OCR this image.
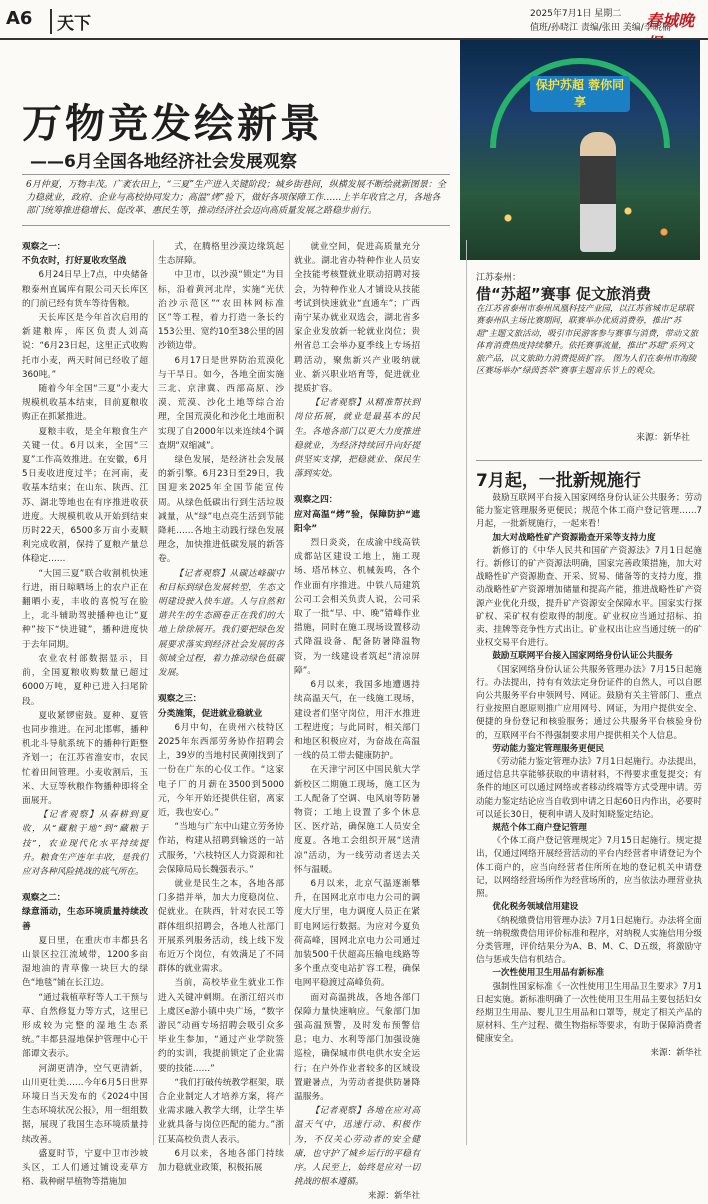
A6	天下	2025年7月1日 星期二
值班/孙晓江 责编/张田 美编/李晓楠
春城晚
万物竞发绘新景
——6月全国各地经济社会发展观察
6月仲夏，万物丰茂。广袤农田上，“三夏”生产进入关键阶段；城乡街巷间，纵横发展不断绘就新图景：全力稳就业，政府、企业与高校协同发力；高温“烤”验下，做好各项保障工作……上半年收官之月，各地各部门统筹推进稳增长、促改革、惠民生等，推动经济社会迈向高质量发展之路稳步前行。
保护苏超 蓉你同享
江苏泰州：
借“苏超”赛事 促文旅消费
在江苏省泰州市泰州凤凰科技产业园，以江苏省城市足球联赛泰州队主场比赛期间，联赛举办优质消费券，推出“苏超”主题文旅活动，吸引市民游客参与赛事与消费，带动文旅体育消费热度持续攀升。依托赛事流量，推出“苏超”系列文旅产品，以文旅助力消费提质扩容。 图为人们在泰州市海陵区赛场举办“绿茵荟萃”赛事主题音乐节上的观众。
来源：新华社

观察之一：

不负农时，打好夏收攻坚战

6月24日早上7点，中央储备粮泰州直属库有限公司天长库区的门前已经有货车等待售粮。

天长库区是今年首次启用的新建粮库，库区负责人刘高说：“6月23日起，这里正式收购托市小麦，两天时间已经收了超360吨。”

随着今年全国“三夏”小麦大规模机收基本结束，目前夏粮收购正在抓紧推进。

夏粮丰收，是全年粮食生产关键一仗。6月以来，全国“三夏”工作高效推进。在安徽，6月5日麦收进度过半；在河南，麦收基本结束；在山东、陕西、江苏、湖北等地也在有序推进收获进度。大规模机收从开始到结束历时22天，6500多万亩小麦顺利完成收割，保持了夏粮产量总体稳定……

“大国三夏”联合收割机快速行进，雨日晾晒场上的农户正在翻晒小麦，丰收的喜悦写在脸上，北斗辅助驾驶播种也让“夏种”按下“快进键”，播种进度快于去年同期。

农业农村部数据显示，目前，全国夏粮收购数量已超过6000万吨，夏种已进入扫尾阶段。

夏收紧锣密鼓。夏种、夏管也同步推进。在河北邯郸，播种机北斗导航系统下的播种行距整齐划一；在江苏省淮安市，农民忙着田间管理。小麦收割后，玉米、大豆等秋粮作物播种即将全面展开。

【记者观察】从春耕到夏收，从“藏粮于地”到“藏粮于技”，农业现代化水平持续提升。粮食生产连年丰收，是我们应对各种风险挑战的底气所在。

观察之二：

绿意涌动，生态环境质量持续改善

夏日里，在重庆市丰都县名山景区拉江流域带，1200多亩湿地油的青草像一块巨大的绿色“地毯”铺在长江边。

“通过栽植草籽等人工干预与草、自然修复力等方式，这里已形成较为完整的湿地生态系统。”丰都县湿地保护管理中心干部谭文表示。

河湖更清净，空气更清新，山川更壮美……今年6月5日世界环境日当天发布的《2024中国生态环境状况公报》，用一组组数据，展现了我国生态环境质量持续改善。

盛夏时节，宁夏中卫市沙坡头区，工人们通过铺设麦草方格、栽种耐旱植物等措施加

式，在腾格里沙漠边缘筑起生态屏障。

中卫市，以沙漠“锁定”为目标，沿着黄河北岸，实施“光伏治沙示范区”“农田林网标准区”等工程，着力打造一条长约153公里、宽约10至38公里的固沙锁边带。

6月17日是世界防治荒漠化与干旱日。如今，各地全面实施三北、京津冀、西部高原、沙漠、荒漠、沙化土地等综合治理，全国荒漠化和沙化土地面积实现了自2000年以来连续4个调查期“双缩减”。

绿色发展，是经济社会发展的新引擎。6月23日至29日，我国迎来2025年全国节能宣传周。从绿色低碳出行到生活垃圾减量，从“绿”电点亮生活到节能降耗……各地主动践行绿色发展理念，加快推进低碳发展的新答卷。

【记者观察】从碳达峰碳中和目标到绿色发展转型，生态文明建设驶入快车道。人与自然和谐共生的生态画卷正在我们的大地上徐徐展开。我们要把绿色发展要求落实到经济社会发展的各领域全过程，着力推动绿色低碳发展。

观察之三：

分类施策，促进就业稳就业

6月中旬，在贵州六枝特区2025年东西部劳务协作招聘会上，39岁的当地村民黄刚找到了一份在广东的心仪工作。“这家电子厂的月薪在3500到5000元，今年开始还提供住宿，离家近，我也安心。”

“当地与广东中山建立劳务协作站，构建从招聘到输送的一站式服务，‘六枝特区人力资源和社会保障局局长魏强表示。”

就业是民生之本，各地各部门多措并举，加大力度稳岗位、促就业。在陕西，针对农民工等群体组织招聘会，各地人社部门开展系列服务活动，线上线下发布近万个岗位，有效满足了不同群体的就业需求。

当前，高校毕业生就业工作进入关键冲刺期。在浙江绍兴市上虞区e游小镇中央广场，“数字游民”动画专场招聘会吸引众多毕业生参加，“通过产业学院签约的实训，我提前锁定了企业需要的技能……”

“我们打破传统教学框架，联合企业制定人才培养方案，将产业需求融入教学大纲，让学生毕业就具备与岗位匹配的能力。”浙江某高校负责人表示。

6月以来，各地各部门持续加力稳就业政策，积极拓展

就业空间，促进高质量充分就业。湖北省办特种作业人员安全技能考核暨就业联动招聘对接会，为特种作业人才铺设从技能考试到快速就业“直通车”；广西南宁某办就业双选会，湖北省多家企业发放新一轮就业岗位；贵州省总工会举办夏季线上专场招聘活动，聚焦新兴产业吸纳就业、新兴职业培育等，促进就业提质扩容。

【记者观察】从精准帮扶到岗位拓展，就业是最基本的民生。各地各部门以更大力度推进稳就业，为经济持续回升向好提供坚实支撑，把稳就业、保民生落到实处。

观察之四：

应对高温“烤”验，保障防护“遮阳伞”

烈日炎炎，在成渝中线高铁成都站区建设工地上，施工现场、塔吊林立、机械轰鸣，各个作业面有序推进。中铁八局建筑公司工会相关负责人说，公司采取了一批“早、中、晚”错峰作业措施，同时在施工现场设置移动式降温设备、配备防暑降温物资，为一线建设者筑起“清凉屏障”。

6月以来，我国多地遭遇持续高温天气，在一线施工现场，建设者们坚守岗位，用汗水推进工程进度；与此同时，相关部门和地区积极应对，为奋战在高温一线的员工带去健康防护。

在天津宁河区中国民航大学新校区二期施工现场，施工区为工人配备了空调、电风扇等防暑物资；工地上设置了多个休息区、医疗站，确保施工人员安全度夏。各地工会组织开展“送清凉”活动，为一线劳动者送去关怀与温暖。

6月以来，北京气温逐渐攀升，在国网北京市电力公司的调度大厅里，电力调度人员正在紧盯电网运行数据。为应对今夏负荷高峰，国网北京电力公司通过加装500千伏超高压输电线路等多个重点变电站扩容工程，确保电网平稳渡过高峰负荷。

面对高温挑战，各地各部门保障力量快速响应。气象部门加强高温预警，及时发布预警信息；电力、水利等部门加强设施巡检，确保城市供电供水安全运行；在户外作业者较多的区域设置避暑点，为劳动者提供防暑降温服务。

【记者观察】各地在应对高温天气中，迅速行动、积极作为，不仅关心劳动者的安全健康，也守护了城乡运行的平稳有序。人民至上，始终是应对一切挑战的根本遵循。

来源：新华社

7月起，一批新规施行

鼓励互联网平台接入国家网络身份认证公共服务；劳动能力鉴定管理服务更便民；规范个体工商户登记管理……7月起，一批新规施行，一起来看！

加大对战略性矿产资源勘查开采等支持力度

新修订的《中华人民共和国矿产资源法》7月1日起施行。新修订的矿产资源法明确，国家完善政策措施，加大对战略性矿产资源勘查、开采、贸易、储备等的支持力度，推动战略性矿产资源增加储量和提高产能，推进战略性矿产资源产业优化升级，提升矿产资源安全保障水平。国家实行探矿权、采矿权有偿取得的制度。矿业权应当通过招标、拍卖、挂牌等竞争性方式出让。矿业权出让应当通过统一的矿业权交易平台进行。

鼓励互联网平台接入国家网络身份认证公共服务

《国家网络身份认证公共服务管理办法》7月15日起施行。办法提出，持有有效法定身份证件的自然人，可以自愿向公共服务平台申领网号、网证。鼓励有关主管部门、重点行业按照自愿原则推广应用网号、网证，为用户提供安全、便捷的身份登记和核验服务；通过公共服务平台核验身份的，互联网平台不得强制要求用户提供相关个人信息。

劳动能力鉴定管理服务更便民

《劳动能力鉴定管理办法》7月1日起施行。办法提出，通过信息共享能够获取的申请材料，不得要求重复提交；有条件的地区可以通过网络或者移动终端等方式受理申请。劳动能力鉴定结论应当自收到申请之日起60日内作出，必要时可以延长30日，便利申请人及时知晓鉴定结论。

规范个体工商户登记管理

《个体工商户登记管理规定》7月15日起施行。规定提出，仅通过网络开展经营活动的平台内经营者申请登记为个体工商户的，应当向经营者住所所在地的登记机关申请登记，以网络经营场所作为经营场所的，应当依法办理营业执照。

优化税务领域信用建设

《纳税缴费信用管理办法》7月1日起施行。办法将全面统一纳税缴费信用评价标准和程序，对纳税人实施信用分级分类管理，评价结果分为A、B、M、C、D五级，将激励守信与惩戒失信有机结合。

一次性使用卫生用品有新标准

强制性国家标准《一次性使用卫生用品卫生要求》7月1日起实施。新标准明确了一次性使用卫生用品主要包括妇女经期卫生用品、婴儿卫生用品和口罩等，规定了相关产品的原材料、生产过程、微生物指标等要求，有助于保障消费者健康安全。

来源：新华社
